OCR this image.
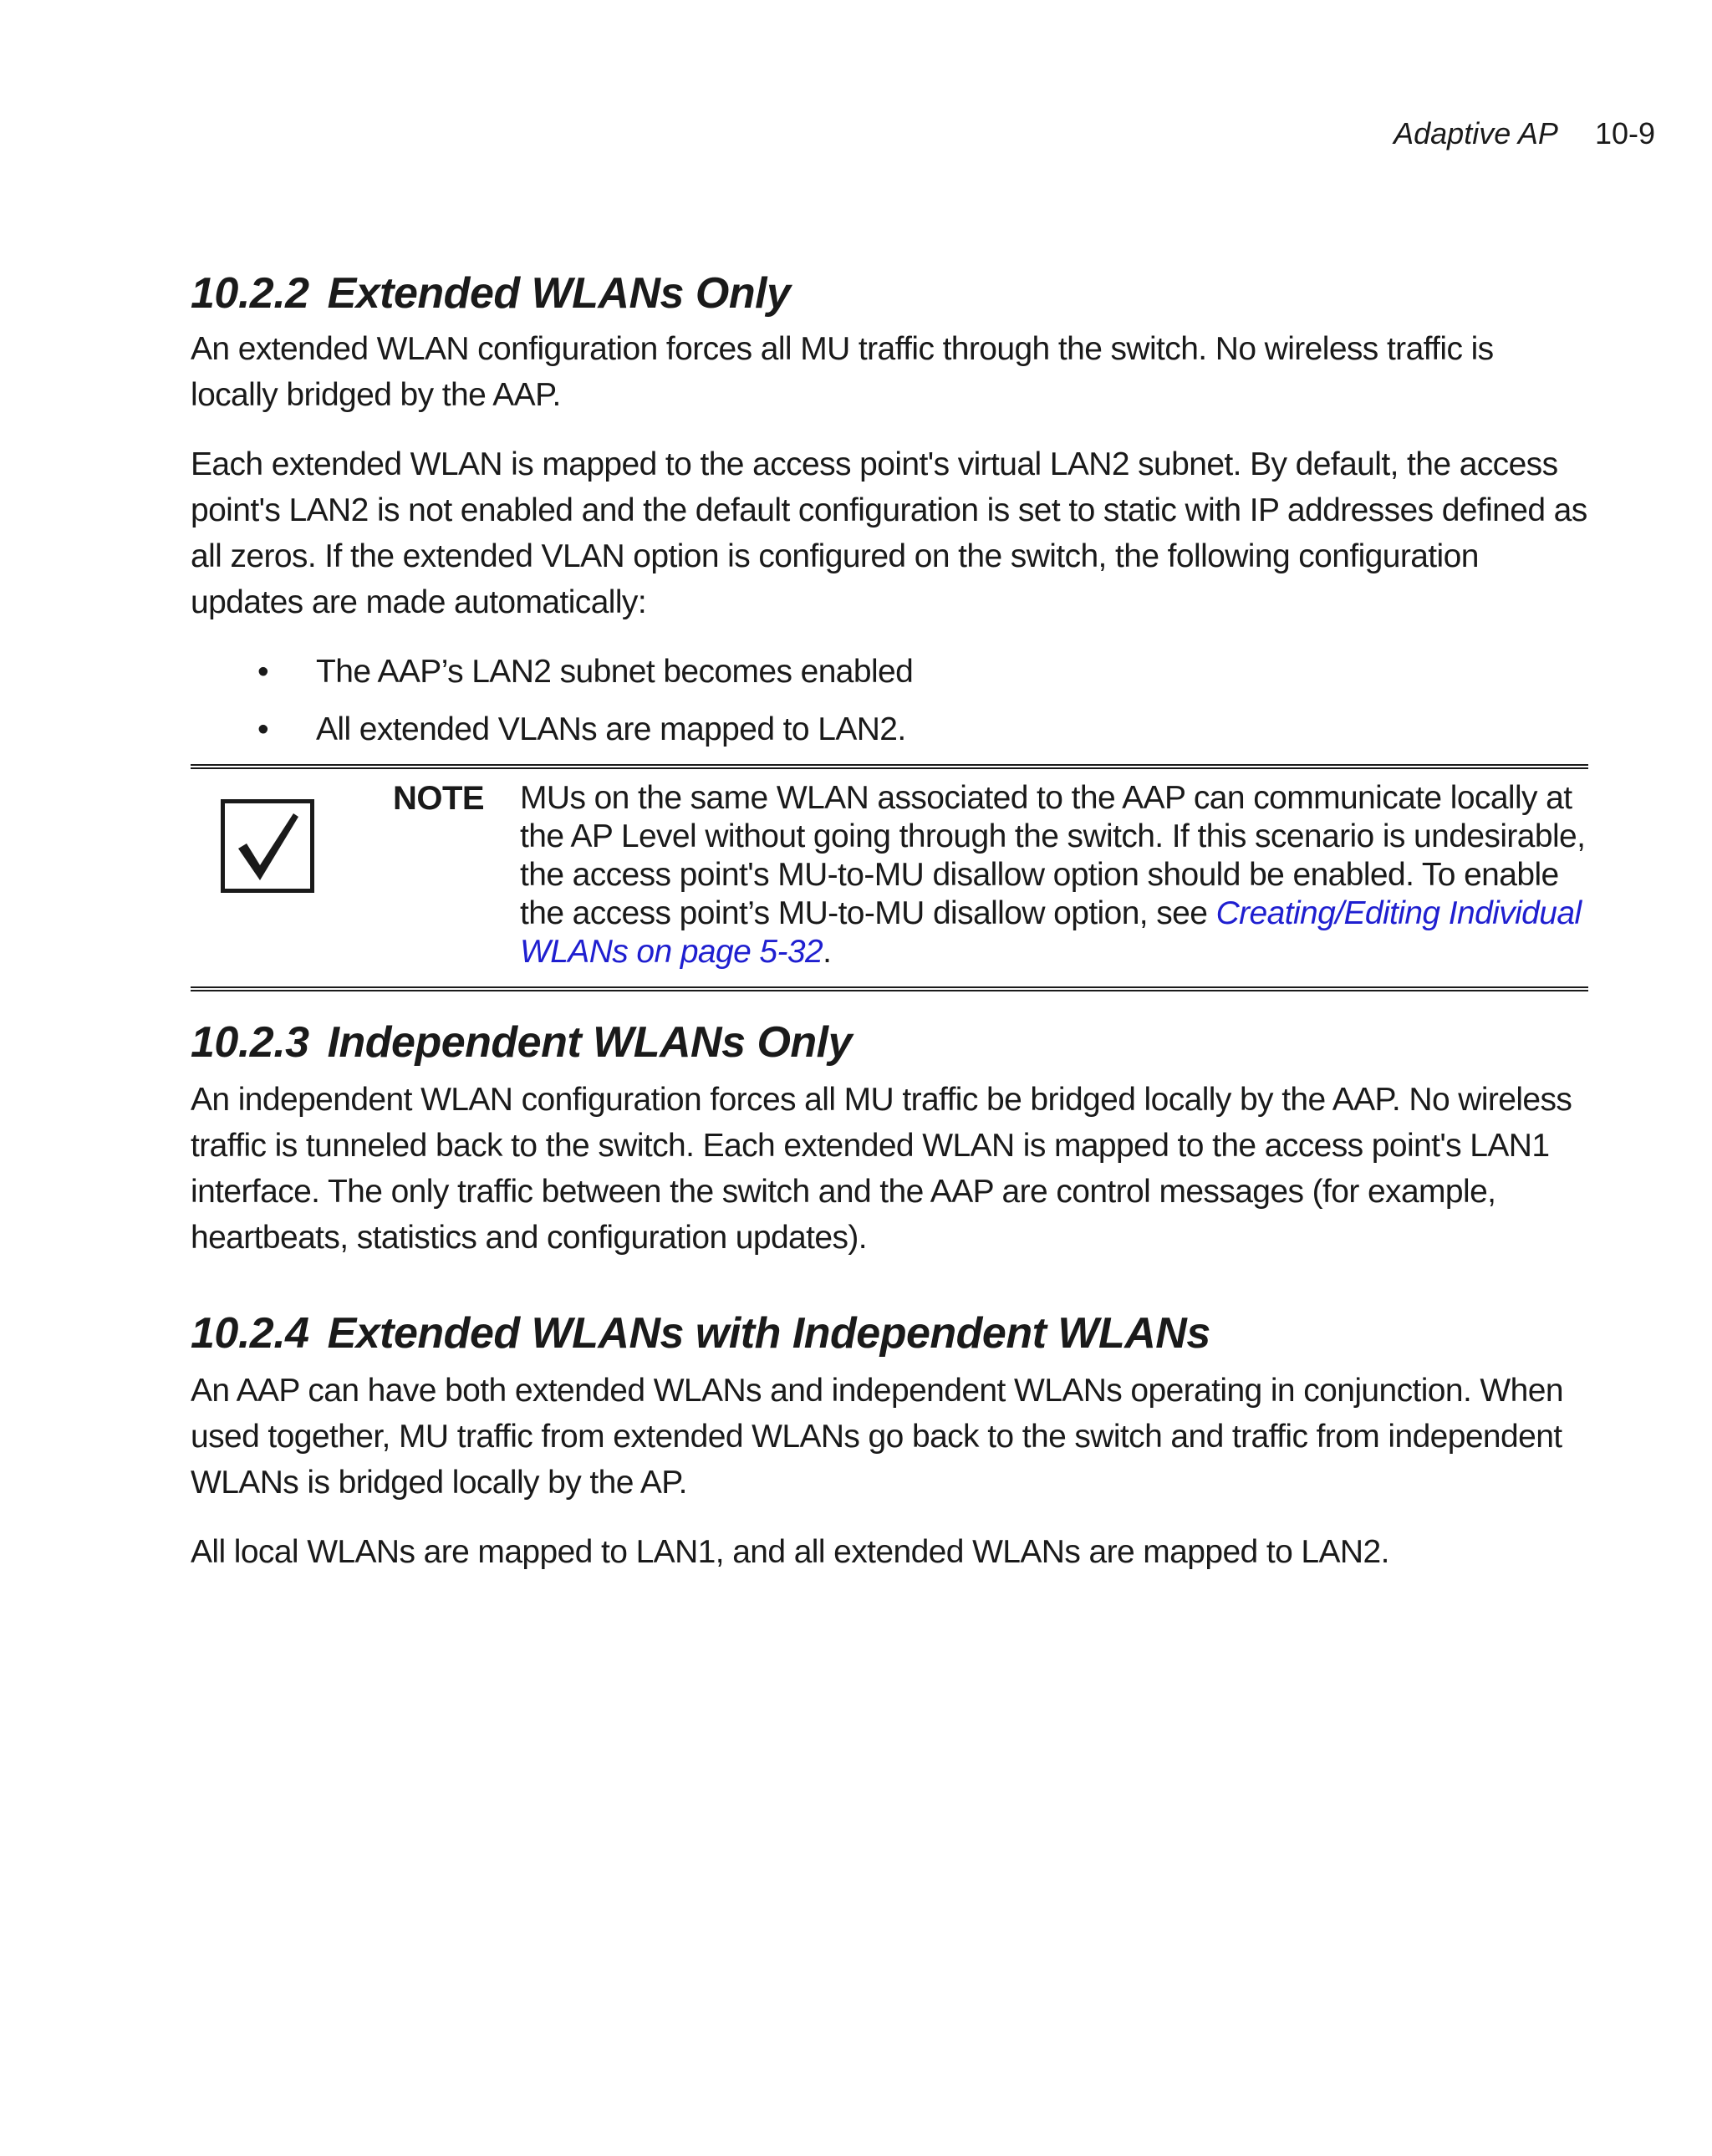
Adaptive AP 10-9
10.2.2 Extended WLANs Only

An extended WLAN configuration forces all MU traffic through the switch. No wireless traffic is locally bridged by the AAP.

Each extended WLAN is mapped to the access point's virtual LAN2 subnet. By default, the access point's LAN2 is not enabled and the default configuration is set to static with IP addresses defined as all zeros. If the extended VLAN option is configured on the switch, the following configuration updates are made automatically:

• The AAP’s LAN2 subnet becomes enabled
• All extended VLANs are mapped to LAN2.
NOTE MUs on the same WLAN associated to the AAP can communicate locally at the AP Level without going through the switch. If this scenario is undesirable, the access point's MU-to-MU disallow option should be enabled. To enable the access point’s MU-to-MU disallow option, see Creating/Editing Individual WLANs on page 5-32.
10.2.3 Independent WLANs Only

An independent WLAN configuration forces all MU traffic be bridged locally by the AAP. No wireless traffic is tunneled back to the switch. Each extended WLAN is mapped to the access point's LAN1 interface. The only traffic between the switch and the AAP are control messages (for example, heartbeats, statistics and configuration updates).

10.2.4 Extended WLANs with Independent WLANs

An AAP can have both extended WLANs and independent WLANs operating in conjunction. When used together, MU traffic from extended WLANs go back to the switch and traffic from independent WLANs is bridged locally by the AP.

All local WLANs are mapped to LAN1, and all extended WLANs are mapped to LAN2.
